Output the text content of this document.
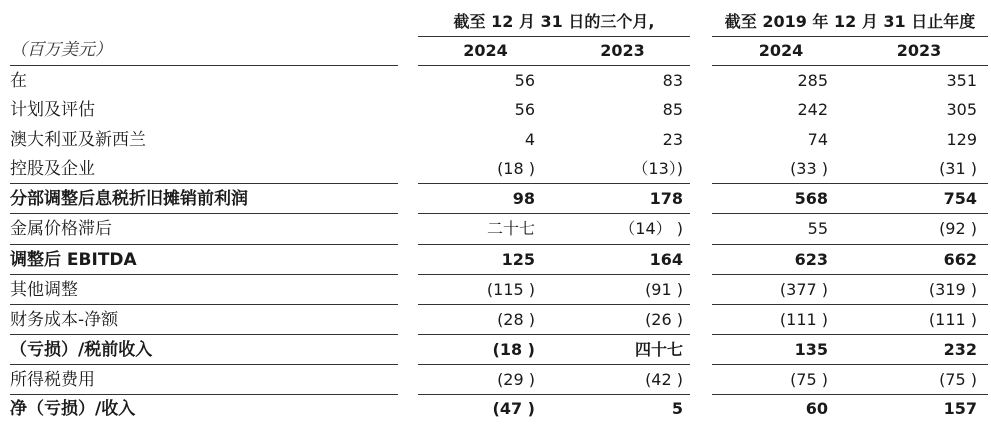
截至 12 月 31 日的三个月,	截至 2019 年 12 月 31 日止年度
（百万美元）	2024	2023	2024	2023
在	56	83	285	351
计划及评估	56	85	242	305
澳大利亚及新西兰	4	23	74	129
控股及企业	(18 )	（13）)	(33 )	(31 )
分部调整后息税折旧摊销前利润	98	178	568	754
金属价格滞后	二十七	（14） )	55	(92 )
调整后 EBITDA	125	164	623	662
其他调整	(115 )	(91 )	(377 )	(319 )
财务成本-净额	(28 )	(26 )	(111 )	(111 )
（亏损）/税前收入	(18 )	四十七	135	232
所得税费用	(29 )	(42 )	(75 )	(75 )
净（亏损）/收入	(47 )	5	60	157
